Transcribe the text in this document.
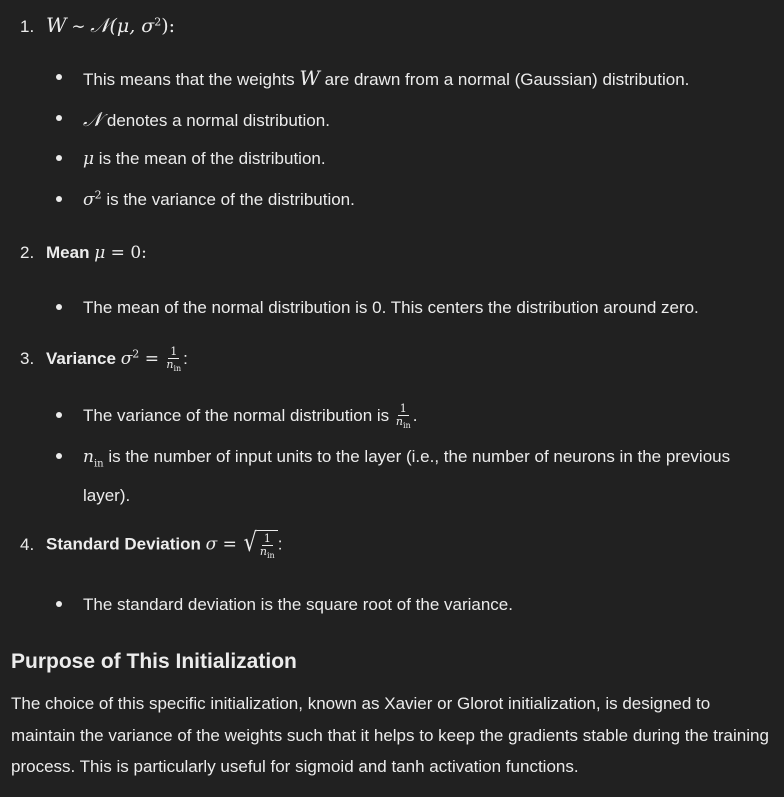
1. W ∼ 𝒩(μ, $\sigma^2$):
This means that the weights W are drawn from a normal (Gaussian) distribution.
𝒩 denotes a normal distribution.
μ is the mean of the distribution.
$\sigma^2$ is the variance of the distribution.
2. Mean μ = 0:
The mean of the normal distribution is 0. This centers the distribution around zero.
3. Variance $\sigma^2 = \frac{1}{n_{in}}$ :
The variance of the normal distribution is $\frac{1}{n_{in}}$ .
$n_{in}$ is the number of input units to the layer (i.e., the number of neurons in the previous layer).
4. Standard Deviation σ = √ $\frac{1}{n_{in}}$ :
The standard deviation is the square root of the variance.
Purpose of This Initialization

The choice of this specific initialization, known as Xavier or Glorot initialization, is designed to maintain the variance of the weights such that it helps to keep the gradients stable during the training process. This is particularly useful for sigmoid and tanh activation functions.
